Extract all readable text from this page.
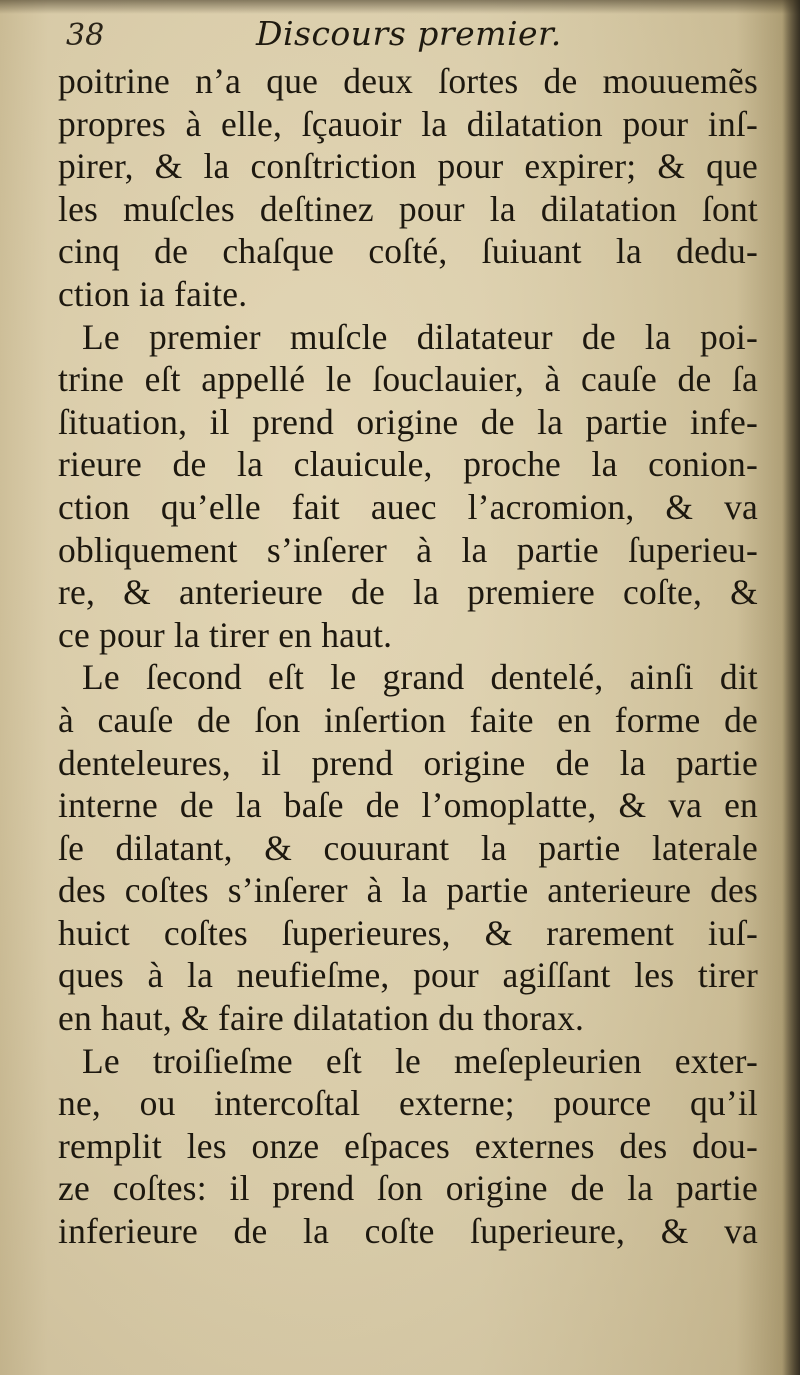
38	Discours premier.
poitrine n’a que deux ſortes de mouuemẽs
propres à elle, ſçauoir la dilatation pour inſ-
pirer, & la conſtriction pour expirer; & que
les muſcles deſtinez pour la dilatation ſont
cinq de chaſque coſté, ſuiuant la dedu-
ction ia faite.
Le premier muſcle dilatateur de la poi-
trine eſt appellé le ſouclauier, à cauſe de ſa
ſituation, il prend origine de la partie infe-
rieure de la clauicule, proche la conion-
ction qu’elle fait auec l’acromion, & va
obliquement s’inſerer à la partie ſuperieu-
re, & anterieure de la premiere coſte, &
ce pour la tirer en haut.
Le ſecond eſt le grand dentelé, ainſi dit
à cauſe de ſon inſertion faite en forme de
denteleures, il prend origine de la partie
interne de la baſe de l’omoplatte, & va en
ſe dilatant, & couurant la partie laterale
des coſtes s’inſerer à la partie anterieure des
huict coſtes ſuperieures, & rarement iuſ-
ques à la neufieſme, pour agiſſant les tirer
en haut, & faire dilatation du thorax.
Le troiſieſme eſt le meſepleurien exter-
ne, ou intercoſtal externe; pource qu’il
remplit les onze eſpaces externes des dou-
ze coſtes: il prend ſon origine de la partie
inferieure de la coſte ſuperieure, & va
